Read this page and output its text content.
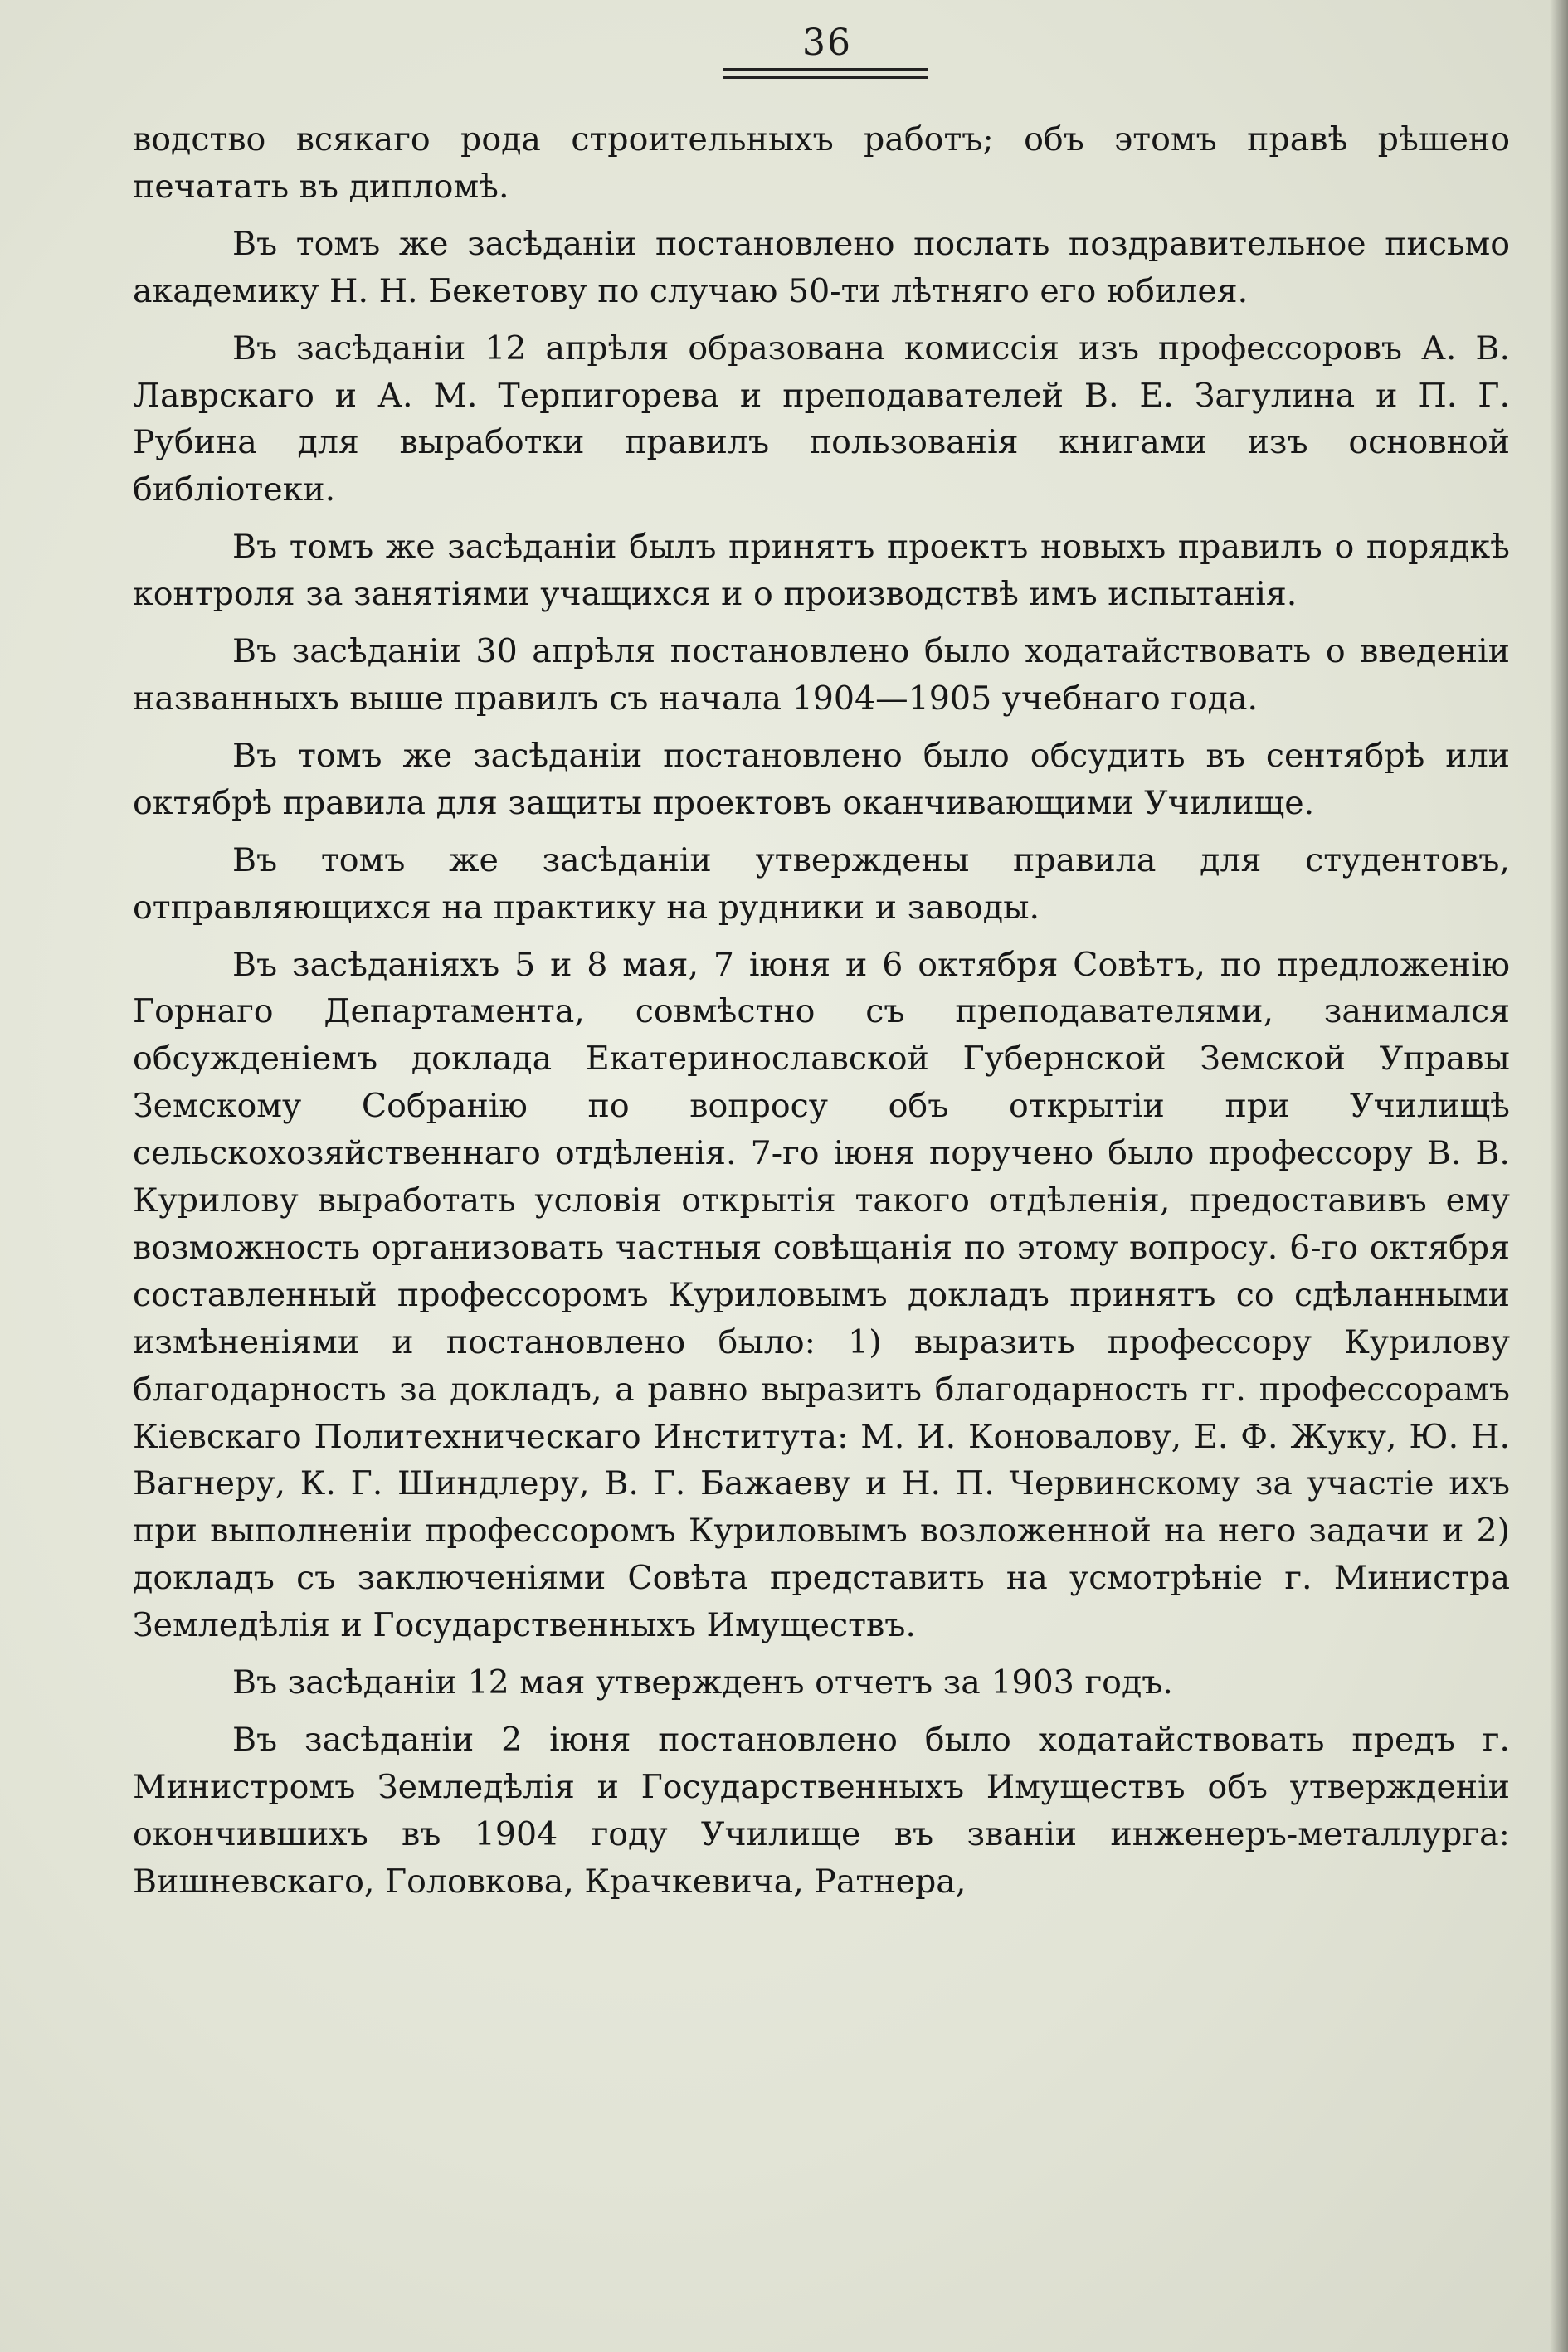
36

водство всякаго рода строительныхъ работъ; объ этомъ правѣ рѣшено печатать въ дипломѣ.

Въ томъ же засѣданiи постановлено послать поздравительное письмо академику Н. Н. Бекетову по случаю 50-ти лѣтняго его юбилея.

Въ засѣданiи 12 апрѣля образована комиссiя изъ профессоровъ А. В. Лаврскаго и А. М. Терпигорева и преподавателей В. Е. Загулина и П. Г. Рубина для выработки правилъ пользованiя книгами изъ основной библiотеки.

Въ томъ же засѣданiи былъ принятъ проектъ новыхъ правилъ о порядкѣ контроля за занятiями учащихся и о производствѣ имъ испытанiя.

Въ засѣданiи 30 апрѣля постановлено было ходатайствовать о введенiи названныхъ выше правилъ съ начала 1904—1905 учебнаго года.

Въ томъ же засѣданiи постановлено было обсудить въ сентябрѣ или октябрѣ правила для защиты проектовъ оканчивающими Училище.

Въ томъ же засѣданiи утверждены правила для студентовъ, отправляющихся на практику на рудники и заводы.

Въ засѣданiяхъ 5 и 8 мая, 7 iюня и 6 октября Совѣтъ, по предложенiю Горнаго Департамента, совмѣстно съ преподавателями, занимался обсужденiемъ доклада Екатеринославской Губернской Земской Управы Земскому Собранiю по вопросу объ открытiи при Училищѣ сельскохозяйственнаго отдѣленiя. 7-го iюня поручено было профессору В. В. Курилову выработать условiя открытiя такого отдѣленiя, предоставивъ ему возможность организовать частныя совѣщанiя по этому вопросу. 6-го октября составленный профессоромъ Куриловымъ докладъ принятъ со сдѣланными измѣненiями и постановлено было: 1) выразить профессору Курилову благодарность за докладъ, а равно выразить благодарность гг. профессорамъ Кiевскаго Политехническаго Института: М. И. Коновалову, Е. Ф. Жуку, Ю. Н. Вагнеру, К. Г. Шиндлеру, В. Г. Бажаеву и Н. П. Червинскому за участiе ихъ при выполненiи профессоромъ Куриловымъ возложенной на него задачи и 2) докладъ съ заключенiями Совѣта представить на усмотрѣнiе г. Министра Земледѣлiя и Государственныхъ Имуществъ.

Въ засѣданiи 12 мая утвержденъ отчетъ за 1903 годъ.

Въ засѣданiи 2 iюня постановлено было ходатайствовать предъ г. Министромъ Земледѣлiя и Государственныхъ Имуществъ объ утвержденiи окончившихъ въ 1904 году Училище въ званiи инженеръ-металлурга: Вишневскаго, Головкова, Крачкевича, Ратнера,
